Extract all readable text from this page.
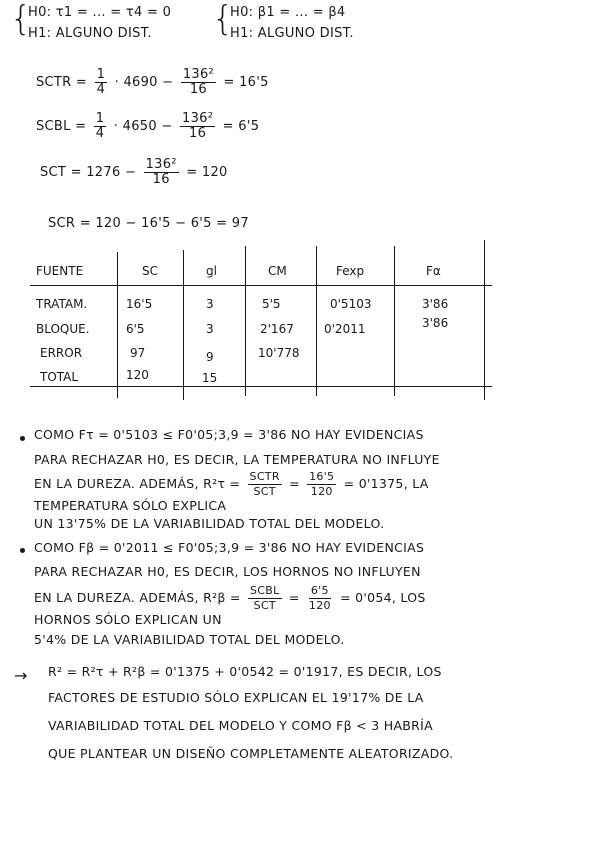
{
H0: τ1 = ... = τ4 = 0
H1: ALGUNO DIST. {
H0: β1 = ... = β4
H1: ALGUNO DIST.
SCTR = $\frac{1}{4} \cdot 4690 - \frac{\text{136²}}{16} = 16'5$
SCBL = $\frac{1}{4} \cdot 4650 - \frac{\text{136²}}{16} = 6'5$
SCT = $1276 - \frac{\text{136²}}{16} = 120$
SCR = 120 − 16'5 − 6'5 = 97
FUENTE	SC	gl	CM	Fexp	Fα
TRATAM.	16'5	3	5'5	0'5103	3'86
BLOQUE.	6'5	3	2'167	0'2011	3'86
ERROR	97	9	10'778
TOTAL	120	15
COMO Fτ = 0'5103 ≤ F0'05;3,9 = 3'86 NO HAY EVIDENCIAS
PARA RECHAZAR H0, ES DECIR, LA TEMPERATURA NO INFLUYE
EN LA DUREZA. ADEMÁS, $R^2\tau = \frac{\text{SCTR}}{\text{SCT}} = \frac{16'5}{120} = 0'1375$, LA
TEMPERATURA SÓLO EXPLICA
UN 13'75% DE LA VARIABILIDAD TOTAL DEL MODELO.
COMO Fβ = 0'2011 ≤ F0'05;3,9 = 3'86 NO HAY EVIDENCIAS
PARA RECHAZAR H0, ES DECIR, LOS HORNOS NO INFLUYEN
EN LA DUREZA. ADEMÁS, $R^2\beta = \frac{\text{SCBL}}{\text{SCT}} = \frac{6'5}{120} = 0'054$, LOS
HORNOS SÓLO EXPLICAN UN
5'4% DE LA VARIABILIDAD TOTAL DEL MODELO.
→ R² = R²τ + R²β = 0'1375 + 0'0542 = 0'1917, ES DECIR, LOS
FACTORES DE ESTUDIO SÓLO EXPLICAN EL 19'17% DE LA
VARIABILIDAD TOTAL DEL MODELO Y COMO Fβ < 3 HABRÍA
QUE PLANTEAR UN DISEÑO COMPLETAMENTE ALEATORIZADO.
